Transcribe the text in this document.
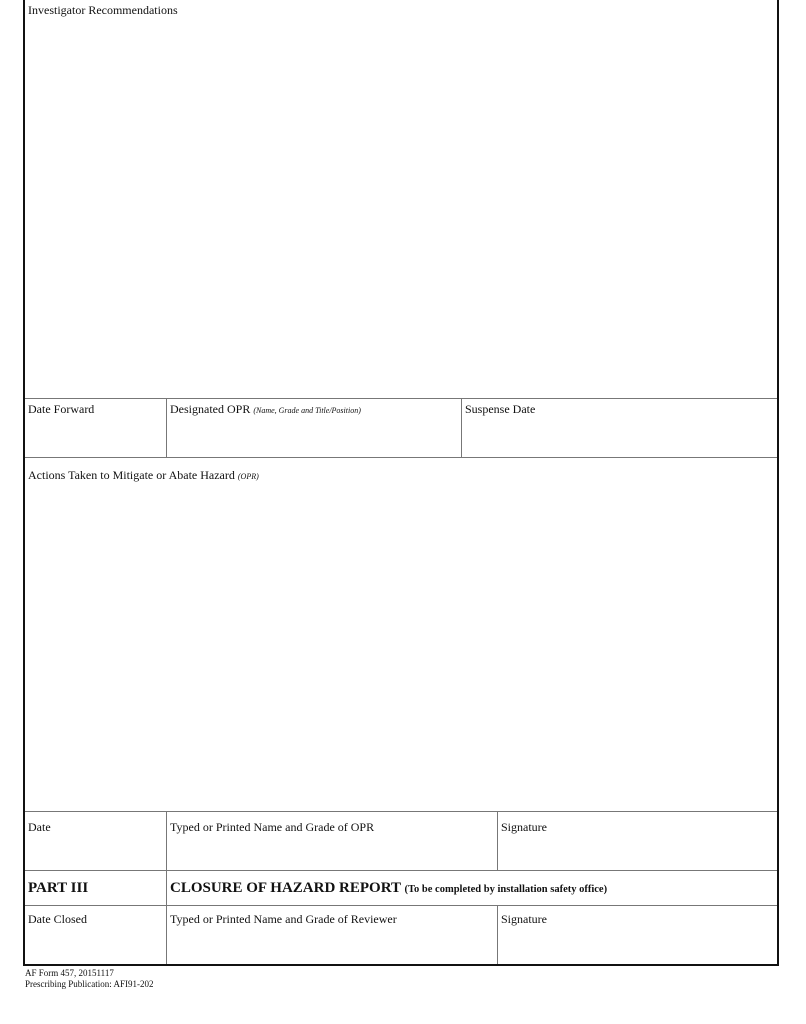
Investigator Recommendations
Date Forward	Designated OPR (Name, Grade and Title/Position)	Suspense Date
Actions Taken to Mitigate or Abate Hazard (OPR)
Date	Typed or Printed Name and Grade of OPR	Signature
PART III	CLOSURE OF HAZARD REPORT (To be completed by installation safety office)
Date Closed	Typed or Printed Name and Grade of Reviewer	Signature
AF Form 457, 20151117
Prescribing Publication: AFI91-202
